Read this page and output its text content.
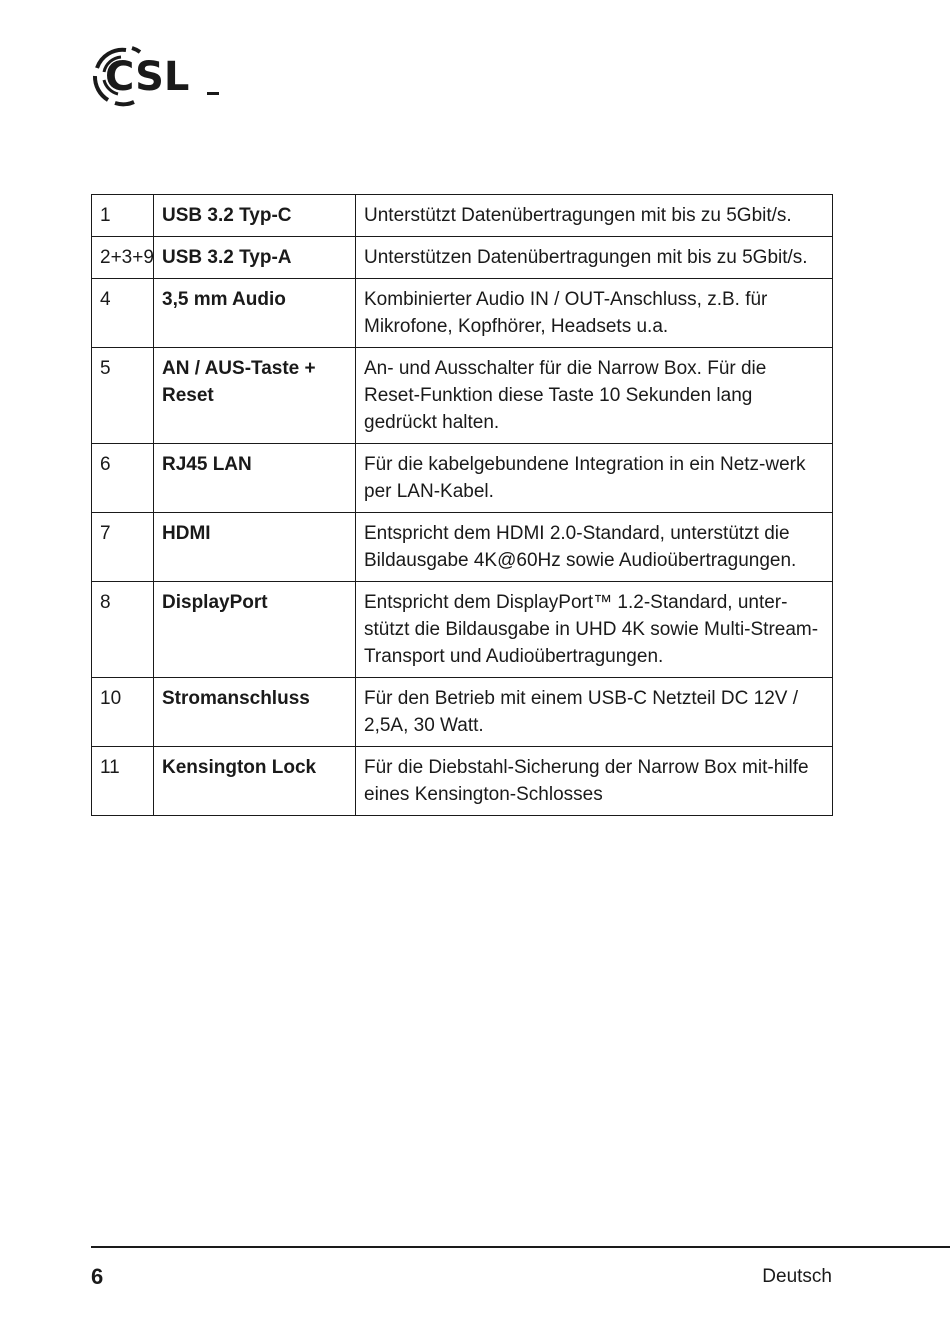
CSL
1	USB 3.2 Typ-C	Unterstützt Datenübertragungen mit bis zu 5Gbit/s.
2+3+9	USB 3.2 Typ-A	Unterstützen Datenübertragungen mit bis zu 5Gbit/s.
4	3,5 mm Audio	Kombinierter Audio IN / OUT-Anschluss, z.B. für Mikrofone, Kopfhörer, Headsets u.a.
5	AN / AUS-Taste + Reset	An- und Ausschalter für die Narrow Box. Für die Reset-Funktion diese Taste 10 Sekunden lang gedrückt halten.
6	RJ45 LAN	Für die kabelgebundene Integration in ein Netz-werk per LAN-Kabel.
7	HDMI	Entspricht dem HDMI 2.0-Standard, unterstützt die Bildausgabe 4K@60Hz sowie Audioübertragungen.
8	DisplayPort	Entspricht dem DisplayPort™ 1.2-Standard, unter-stützt die Bildausgabe in UHD 4K sowie Multi-Stream-Transport und Audioübertragungen.
10	Stromanschluss	Für den Betrieb mit einem USB-C Netzteil DC 12V / 2,5A, 30 Watt.
11	Kensington Lock	Für die Diebstahl-Sicherung der Narrow Box mit-hilfe eines Kensington-Schlosses
6	Deutsch
